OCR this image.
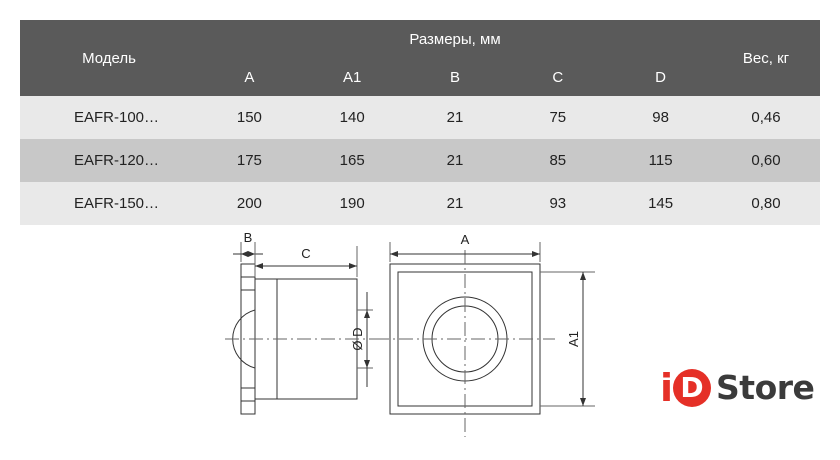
Модель	Размеры, мм					Вес, кг
	A	A1	B	C	D	
EAFR-100…	150	140	21	75	98	0,46
EAFR-120…	175	165	21	85	115	0,60
EAFR-150…	200	190	21	93	145	0,80
B
C
Ø D
A
A1
i D Store
